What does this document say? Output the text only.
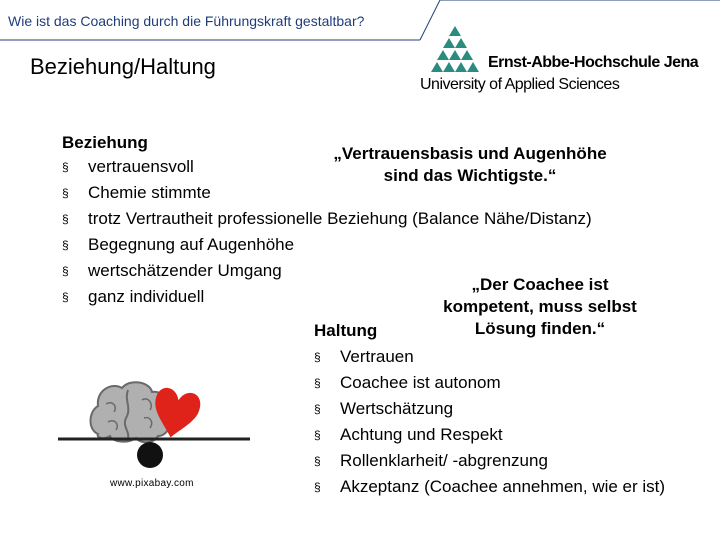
Wie ist das Coaching durch die Führungskraft gestaltbar?
Beziehung/Haltung	Ernst-Abbe-Hochschule Jena
University of Applied Sciences
Beziehung
§ vertrauensvoll
§ Chemie stimmte
§ trotz Vertrautheit professionelle Beziehung (Balance Nähe/Distanz)
§ Begegnung auf Augenhöhe
§ wertschätzender Umgang
§ ganz individuell
„Vertrauensbasis und Augenhöhe
sind das Wichtigste.“
„Der Coachee ist
kompetent, muss selbst
Lösung finden.“
Haltung
§ Vertrauen
§ Coachee ist autonom
§ Wertschätzung
§ Achtung und Respekt
§ Rollenklarheit/ -abgrenzung
§ Akzeptanz (Coachee annehmen, wie er ist)
www.pixabay.com
